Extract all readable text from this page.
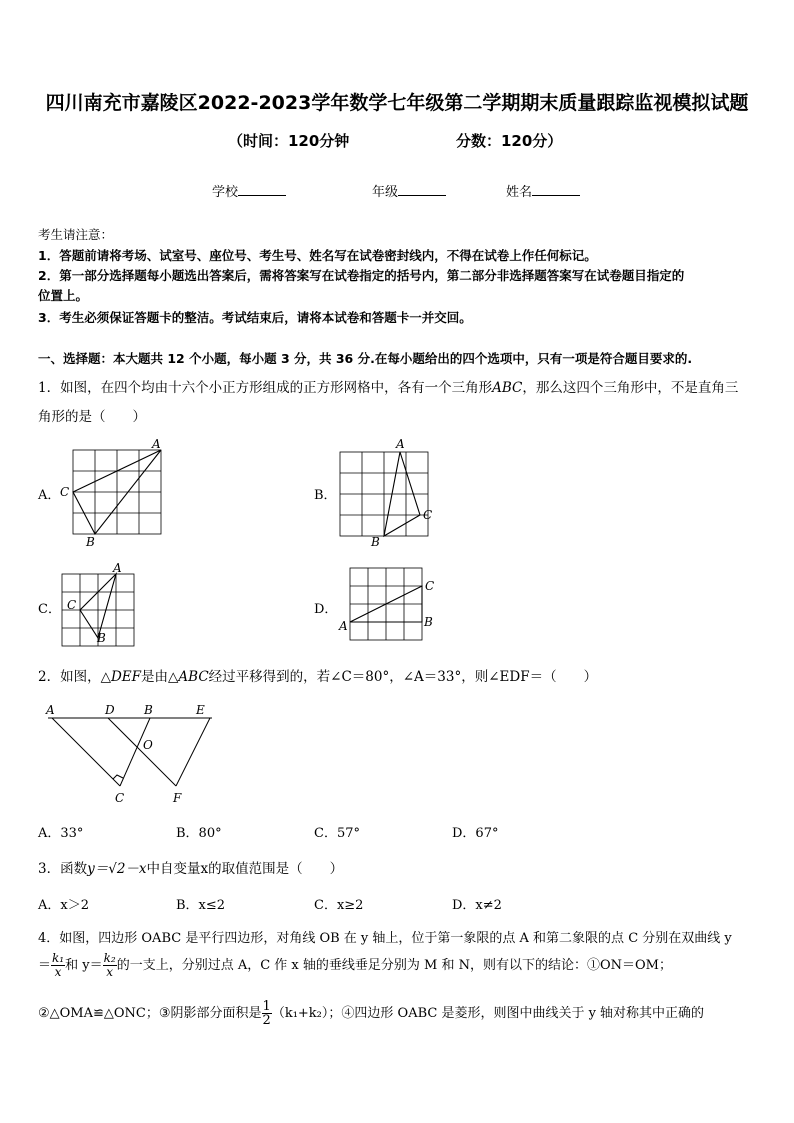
四川南充市嘉陵区2022-2023学年数学七年级第二学期期末质量跟踪监视模拟试题
（时间：120分钟	分数：120分）
学校	年级	姓名
考生请注意：
1．答题前请将考场、试室号、座位号、考生号、姓名写在试卷密封线内，不得在试卷上作任何标记。
2．第一部分选择题每小题选出答案后，需将答案写在试卷指定的括号内，第二部分非选择题答案写在试卷题目指定的
位置上。
3．考生必须保证答题卡的整洁。考试结束后，请将本试卷和答题卡一并交回。
一、选择题：本大题共 12 个小题，每小题 3 分，共 36 分.在每小题给出的四个选项中，只有一项是符合题目要求的.
1．如图，在四个均由十六个小正方形组成的正方形网格中，各有一个三角形ABC，那么这四个三角形中，不是直角三
角形的是（　　）
A．
A
C
B
B．
A
C
B
C．
A
C
B
D．
A
C
B
2．如图，△DEF是由△ABC经过平移得到的，若∠C＝80°，∠A＝33°，则∠EDF＝（　　）
A	D B	E
O
C	F
A．33°	B．80°	C．57°	D．67°
3．函数y＝√2－x中自变量x的取值范围是（　　）
A．x＞2	B．x≤2	C．x≥2	D．x≠2
4．如图，四边形 OABC 是平行四边形，对角线 OB 在 y 轴上，位于第一象限的点 A 和第二象限的点 C 分别在双曲线 y
＝ $\frac{\text{k₁}}{x}$ 和 $y= \frac{\text{k₂}}{x}$ 的一支上，分别过点 A，C 作 x 轴的垂线垂足分别为 M 和 N，则有以下的结论：①ON＝OM；
②△OMA≌△ONC；③阴影部分面积是 $\frac{1}{2} (k_1+k_2)$；④四边形 OABC 是菱形，则图中曲线关于 y 轴对称其中正确的
